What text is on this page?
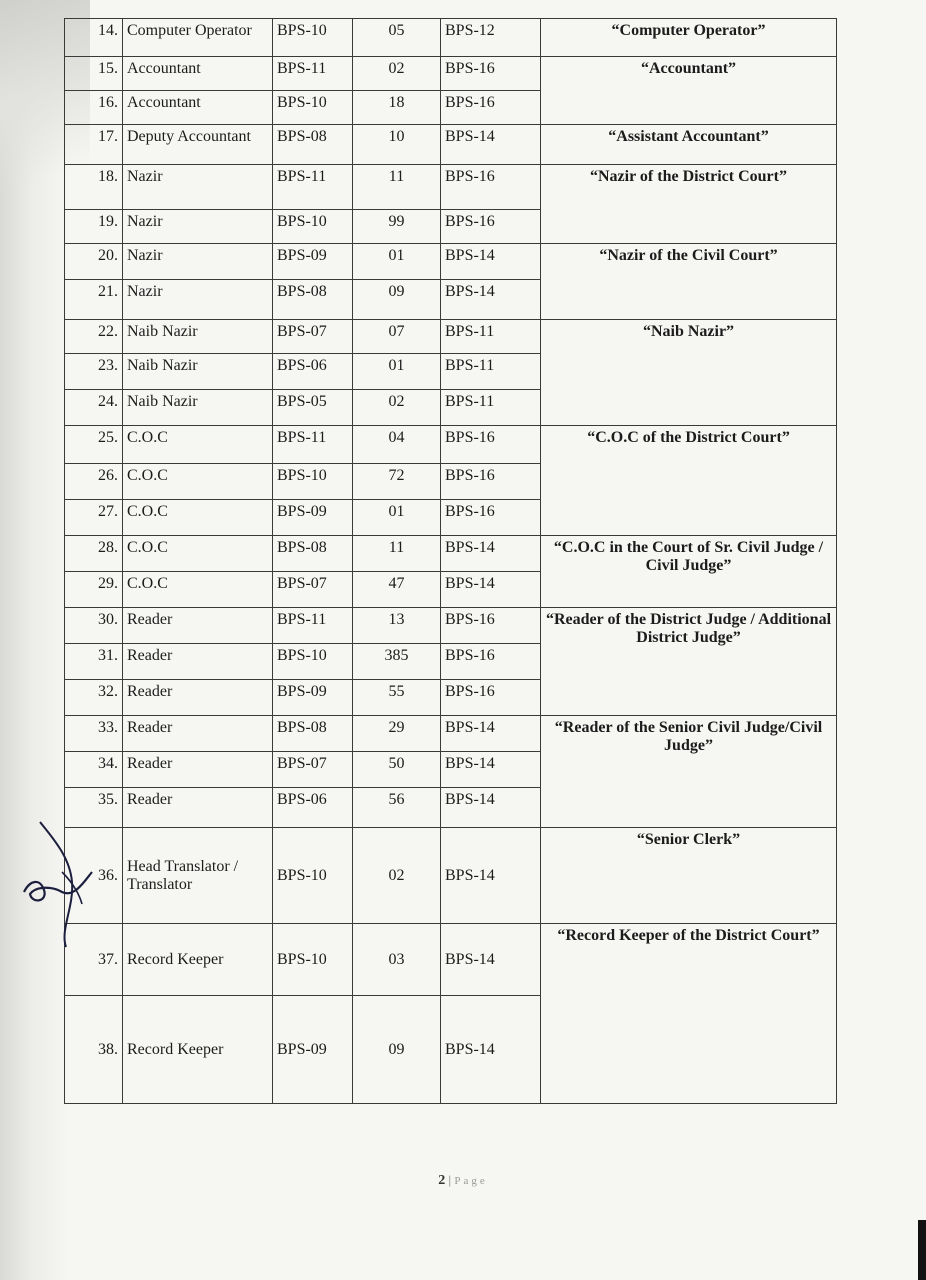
14.	Computer Operator	BPS-10	05	BPS-12	“Computer Operator”
15.	Accountant	BPS-11	02	BPS-16	“Accountant”
16.	Accountant	BPS-10	18	BPS-16	
17.	Deputy Accountant	BPS-08	10	BPS-14	“Assistant Accountant”
18.	Nazir	BPS-11	11	BPS-16	“Nazir of the District Court”
19.	Nazir	BPS-10	99	BPS-16	
20.	Nazir	BPS-09	01	BPS-14	“Nazir of the Civil Court”
21.	Nazir	BPS-08	09	BPS-14	
22.	Naib Nazir	BPS-07	07	BPS-11	“Naib Nazir”
23.	Naib Nazir	BPS-06	01	BPS-11	
24.	Naib Nazir	BPS-05	02	BPS-11	
25.	C.O.C	BPS-11	04	BPS-16	“C.O.C of the District Court”
26.	C.O.C	BPS-10	72	BPS-16	
27.	C.O.C	BPS-09	01	BPS-16	
28.	C.O.C	BPS-08	11	BPS-14	“C.O.C in the Court of Sr. Civil Judge / Civil Judge”
29.	C.O.C	BPS-07	47	BPS-14	
30.	Reader	BPS-11	13	BPS-16	“Reader of the District Judge / Additional District Judge”
31.	Reader	BPS-10	385	BPS-16	
32.	Reader	BPS-09	55	BPS-16	
33.	Reader	BPS-08	29	BPS-14	“Reader of the Senior Civil Judge/Civil Judge”
34.	Reader	BPS-07	50	BPS-14	
35.	Reader	BPS-06	56	BPS-14	
36.	Head Translator / Translator	BPS-10	02	BPS-14	“Senior Clerk”
37.	Record Keeper	BPS-10	03	BPS-14	“Record Keeper of the District Court”
38.	Record Keeper	BPS-09	09	BPS-14	
2 | Page
